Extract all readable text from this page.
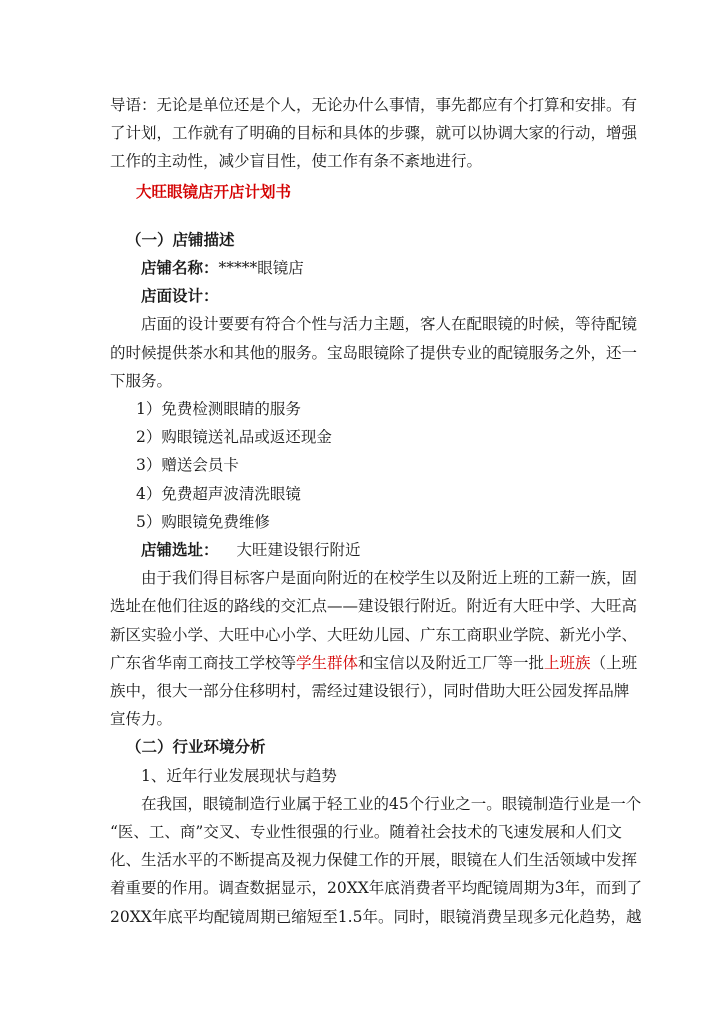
导语：无论是单位还是个人，无论办什么事情，事先都应有个打算和安排。有
了计划，工作就有了明确的目标和具体的步骤，就可以协调大家的行动，增强
工作的主动性，减少盲目性，使工作有条不紊地进行。
大旺眼镜店开店计划书
（一）店铺描述
店铺名称：*****眼镜店
店面设计：
店面的设计要要有符合个性与活力主题，客人在配眼镜的时候，等待配镜
的时候提供茶水和其他的服务。宝岛眼镜除了提供专业的配镜服务之外，还一
下服务。
1）免费检测眼睛的服务
2）购眼镜送礼品或返还现金
3）赠送会员卡
4）免费超声波清洗眼镜
5）购眼镜免费维修
店铺选址： 大旺建设银行附近
由于我们得目标客户是面向附近的在校学生以及附近上班的工薪一族，固
选址在他们往返的路线的交汇点——建设银行附近。附近有大旺中学、大旺高
新区实验小学、大旺中心小学、大旺幼儿园、广东工商职业学院、新光小学、
广东省华南工商技工学校等学生群体和宝信以及附近工厂等一批上班族（上班
族中，很大一部分住移明村，需经过建设银行），同时借助大旺公园发挥品牌
宣传力。
（二）行业环境分析
1、近年行业发展现状与趋势
在我国，眼镜制造行业属于轻工业的45个行业之一。眼镜制造行业是一个
“医、工、商”交叉、专业性很强的行业。随着社会技术的飞速发展和人们文
化、生活水平的不断提高及视力保健工作的开展，眼镜在人们生活领域中发挥
着重要的作用。调查数据显示，20XX年底消费者平均配镜周期为3年，而到了
20XX年底平均配镜周期已缩短至1.5年。同时，眼镜消费呈现多元化趋势，越
